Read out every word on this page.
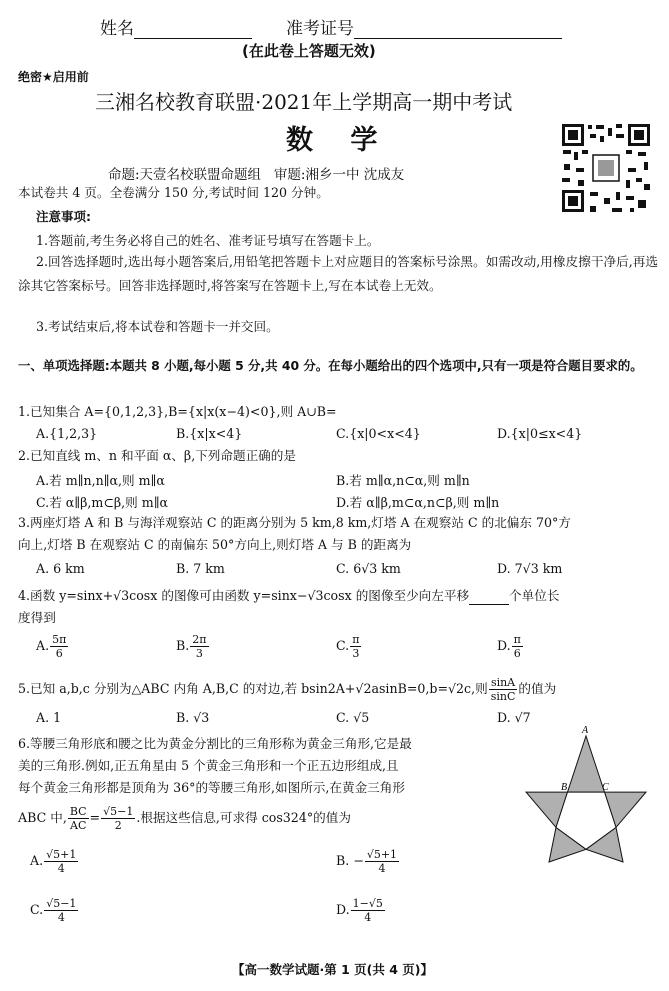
姓名	准考证号
(在此卷上答题无效)
绝密★启用前
三湘名校教育联盟·2021年上学期高一期中考试
数 学
命题:天壹名校联盟命题组   审题:湘乡一中 沈成友
本试卷共 4 页。全卷满分 150 分,考试时间 120 分钟。
注意事项:
1.答题前,考生务必将自己的姓名、准考证号填写在答题卡上。
2.回答选择题时,选出每小题答案后,用铅笔把答题卡上对应题目的答案标号涂黑。如需改动,用橡皮擦干净后,再选涂其它答案标号。回答非选择题时,将答案写在答题卡上,写在本试卷上无效。
3.考试结束后,将本试卷和答题卡一并交回。
一、单项选择题:本题共 8 小题,每小题 5 分,共 40 分。在每小题给出的四个选项中,只有一项是符合题目要求的。
1.已知集合 A={0,1,2,3},B={x|x(x−4)<0},则 A∪B=
A.{1,2,3}	B.{x|x<4}	C.{x|0<x<4}	D.{x|0≤x<4}
2.已知直线 m、n 和平面 α、β,下列命题正确的是
A.若 m∥n,n∥α,则 m∥α	B.若 m∥α,n⊂α,则 m∥n
C.若 α∥β,m⊂β,则 m∥α	D.若 α∥β,m⊂α,n⊂β,则 m∥n
3.两座灯塔 A 和 B 与海洋观察站 C 的距离分别为 5 km,8 km,灯塔 A 在观察站 C 的北偏东 70°方
向上,灯塔 B 在观察站 C 的南偏东 50°方向上,则灯塔 A 与 B 的距离为
A. 6 km	B. 7 km	C. 6√3 km	D. 7√3 km
4.函数 y=sinx+√3cosx 的图像可由函数 y=sinx−√3cosx 的图像至少向左平移	个单位长
度得到
A. $\frac{5\pi}{6}$	B. $\frac{2\pi}{3}$	C. $\frac{\pi}{3}$	D. $\frac{\pi}{6}$
5.已知 a,b,c 分别为△ABC 内角 A,B,C 的对边,若 bsin2A+√2asinB=0,b=√2c,则 $\frac{\sin A}{\sin C}$ 的值为
A. 1	B. √3	C. √5	D. √7
6.等腰三角形底和腰之比为黄金分割比的三角形称为黄金三角形,它是最
美的三角形.例如,正五角星由 5 个黄金三角形和一个正五边形组成,且
每个黄金三角形都是顶角为 36°的等腰三角形,如图所示,在黄金三角形
ABC 中, $\frac{BC}{AC} = \frac{√5-1}{2}$ .根据这些信息,可求得 cos324°的值为
A. $\frac{√5+1}{4}$	B. − $\frac{√5+1}{4}$
C. $\frac{√5-1}{4}$	D. $\frac{1-√5}{4}$
A
B	C
【高一数学试题·第 1 页(共 4 页)】
